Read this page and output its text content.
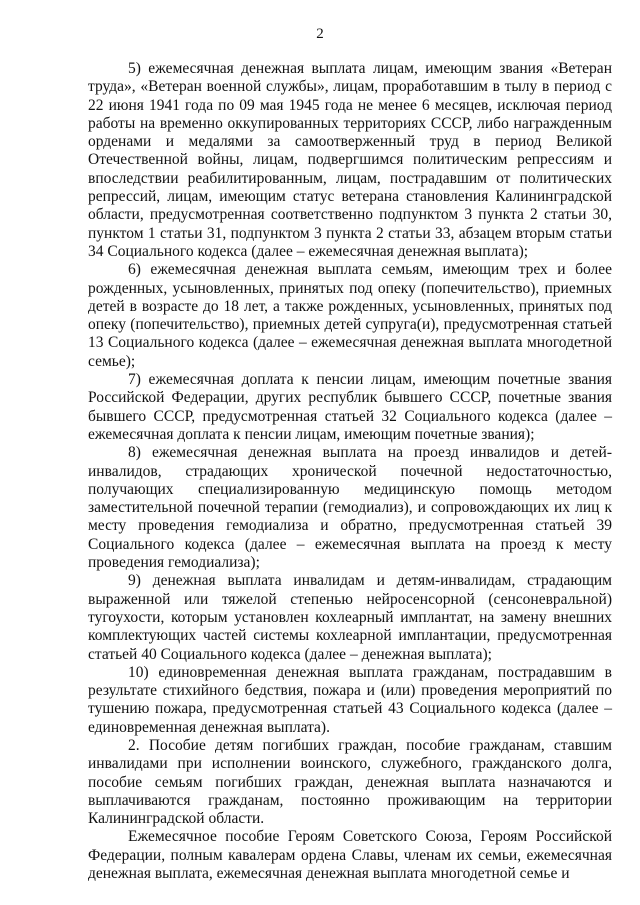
2

5) ежемесячная денежная выплата лицам, имеющим звания «Ветеран труда», «Ветеран военной службы», лицам, проработавшим в тылу в период с 22 июня 1941 года по 09 мая 1945 года не менее 6 месяцев, исключая период работы на временно оккупированных территориях СССР, либо награжденным орденами и медалями за самоотверженный труд в период Великой Отечественной войны, лицам, подвергшимся политическим репрессиям и впоследствии реабилитированным, лицам, пострадавшим от политических репрессий, лицам, имеющим статус ветерана становления Калининградской области, предусмотренная соответственно подпунктом 3 пункта 2 статьи 30, пунктом 1 статьи 31, подпунктом 3 пункта 2 статьи 33, абзацем вторым статьи 34 Социального кодекса (далее – ежемесячная денежная выплата);

6) ежемесячная денежная выплата семьям, имеющим трех и более рожденных, усыновленных, принятых под опеку (попечительство), приемных детей в возрасте до 18 лет, а также рожденных, усыновленных, принятых под опеку (попечительство), приемных детей супруга(и), предусмотренная статьей 13 Социального кодекса (далее – ежемесячная денежная выплата многодетной семье);

7) ежемесячная доплата к пенсии лицам, имеющим почетные звания Российской Федерации, других республик бывшего СССР, почетные звания бывшего СССР, предусмотренная статьей 32 Социального кодекса (далее – ежемесячная доплата к пенсии лицам, имеющим почетные звания);

8) ежемесячная денежная выплата на проезд инвалидов и детей-инвалидов, страдающих хронической почечной недостаточностью, получающих специализированную медицинскую помощь методом заместительной почечной терапии (гемодиализ), и сопровождающих их лиц к месту проведения гемодиализа и обратно, предусмотренная статьей 39 Социального кодекса (далее – ежемесячная выплата на проезд к месту проведения гемодиализа);

9) денежная выплата инвалидам и детям-инвалидам, страдающим выраженной или тяжелой степенью нейросенсорной (сенсоневральной) тугоухости, которым установлен кохлеарный имплантат, на замену внешних комплектующих частей системы кохлеарной имплантации, предусмотренная статьей 40 Социального кодекса (далее – денежная выплата);

10) единовременная денежная выплата гражданам, пострадавшим в результате стихийного бедствия, пожара и (или) проведения мероприятий по тушению пожара, предусмотренная статьей 43 Социального кодекса (далее – единовременная денежная выплата).

2. Пособие детям погибших граждан, пособие гражданам, ставшим инвалидами при исполнении воинского, служебного, гражданского долга, пособие семьям погибших граждан, денежная выплата назначаются и выплачиваются гражданам, постоянно проживающим на территории Калининградской области.

Ежемесячное пособие Героям Советского Союза, Героям Российской Федерации, полным кавалерам ордена Славы, членам их семьи, ежемесячная денежная выплата, ежемесячная денежная выплата многодетной семье и
